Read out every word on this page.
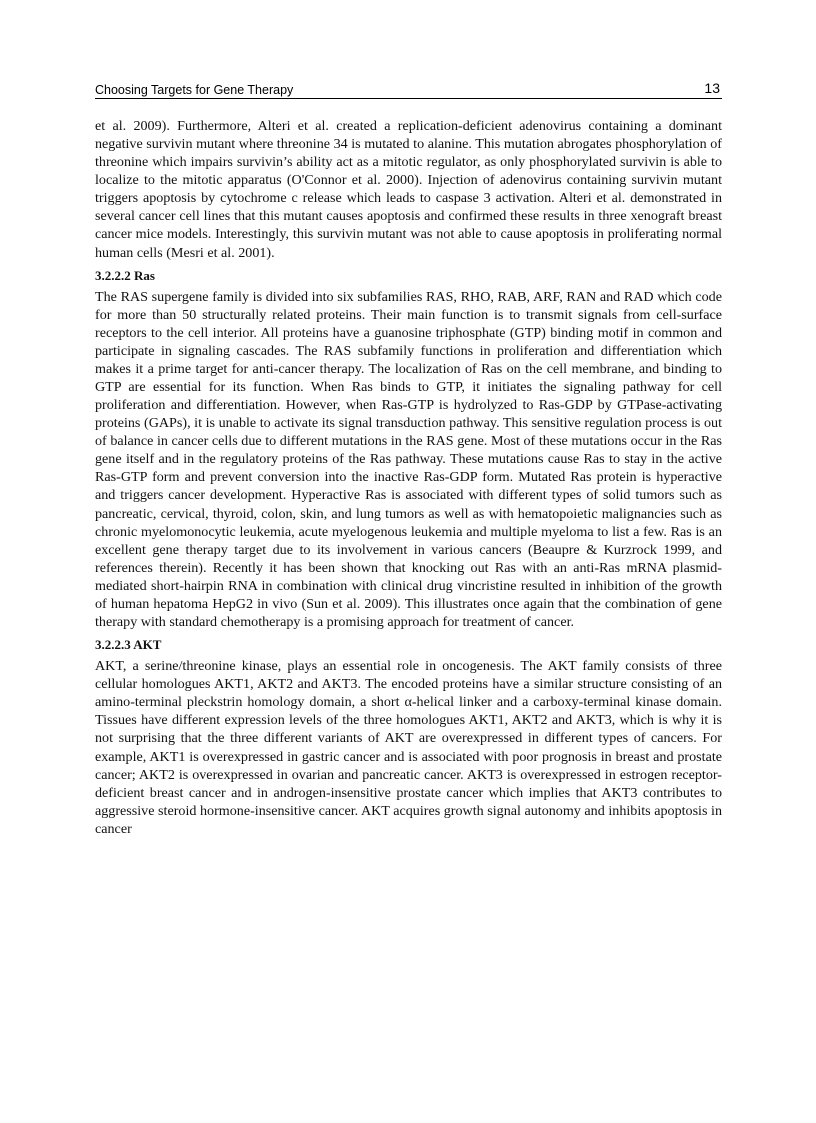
Choosing Targets for Gene Therapy	13

et al. 2009). Furthermore, Alteri et al. created a replication-deficient adenovirus containing a dominant negative survivin mutant where threonine 34 is mutated to alanine. This mutation abrogates phosphorylation of threonine which impairs survivin’s ability act as a mitotic regulator, as only phosphorylated survivin is able to localize to the mitotic apparatus (O'Connor et al. 2000). Injection of adenovirus containing survivin mutant triggers apoptosis by cytochrome c release which leads to caspase 3 activation. Alteri et al. demonstrated in several cancer cell lines that this mutant causes apoptosis and confirmed these results in three xenograft breast cancer mice models. Interestingly, this survivin mutant was not able to cause apoptosis in proliferating normal human cells (Mesri et al. 2001).

3.2.2.2 Ras

The RAS supergene family is divided into six subfamilies RAS, RHO, RAB, ARF, RAN and RAD which code for more than 50 structurally related proteins. Their main function is to transmit signals from cell-surface receptors to the cell interior. All proteins have a guanosine triphosphate (GTP) binding motif in common and participate in signaling cascades. The RAS subfamily functions in proliferation and differentiation which makes it a prime target for anti-cancer therapy. The localization of Ras on the cell membrane, and binding to GTP are essential for its function. When Ras binds to GTP, it initiates the signaling pathway for cell proliferation and differentiation. However, when Ras-GTP is hydrolyzed to Ras-GDP by GTPase-activating proteins (GAPs), it is unable to activate its signal transduction pathway. This sensitive regulation process is out of balance in cancer cells due to different mutations in the RAS gene. Most of these mutations occur in the Ras gene itself and in the regulatory proteins of the Ras pathway. These mutations cause Ras to stay in the active Ras-GTP form and prevent conversion into the inactive Ras-GDP form. Mutated Ras protein is hyperactive and triggers cancer development. Hyperactive Ras is associated with different types of solid tumors such as pancreatic, cervical, thyroid, colon, skin, and lung tumors as well as with hematopoietic malignancies such as chronic myelomonocytic leukemia, acute myelogenous leukemia and multiple myeloma to list a few. Ras is an excellent gene therapy target due to its involvement in various cancers (Beaupre & Kurzrock 1999, and references therein). Recently it has been shown that knocking out Ras with an anti-Ras mRNA plasmid-mediated short-hairpin RNA in combination with clinical drug vincristine resulted in inhibition of the growth of human hepatoma HepG2 in vivo (Sun et al. 2009). This illustrates once again that the combination of gene therapy with standard chemotherapy is a promising approach for treatment of cancer.

3.2.2.3 AKT

AKT, a serine/threonine kinase, plays an essential role in oncogenesis. The AKT family consists of three cellular homologues AKT1, AKT2 and AKT3. The encoded proteins have a similar structure consisting of an amino-terminal pleckstrin homology domain, a short α-helical linker and a carboxy-terminal kinase domain. Tissues have different expression levels of the three homologues AKT1, AKT2 and AKT3, which is why it is not surprising that the three different variants of AKT are overexpressed in different types of cancers. For example, AKT1 is overexpressed in gastric cancer and is associated with poor prognosis in breast and prostate cancer; AKT2 is overexpressed in ovarian and pancreatic cancer. AKT3 is overexpressed in estrogen receptor-deficient breast cancer and in androgen-insensitive prostate cancer which implies that AKT3 contributes to aggressive steroid hormone-insensitive cancer. AKT acquires growth signal autonomy and inhibits apoptosis in cancer
